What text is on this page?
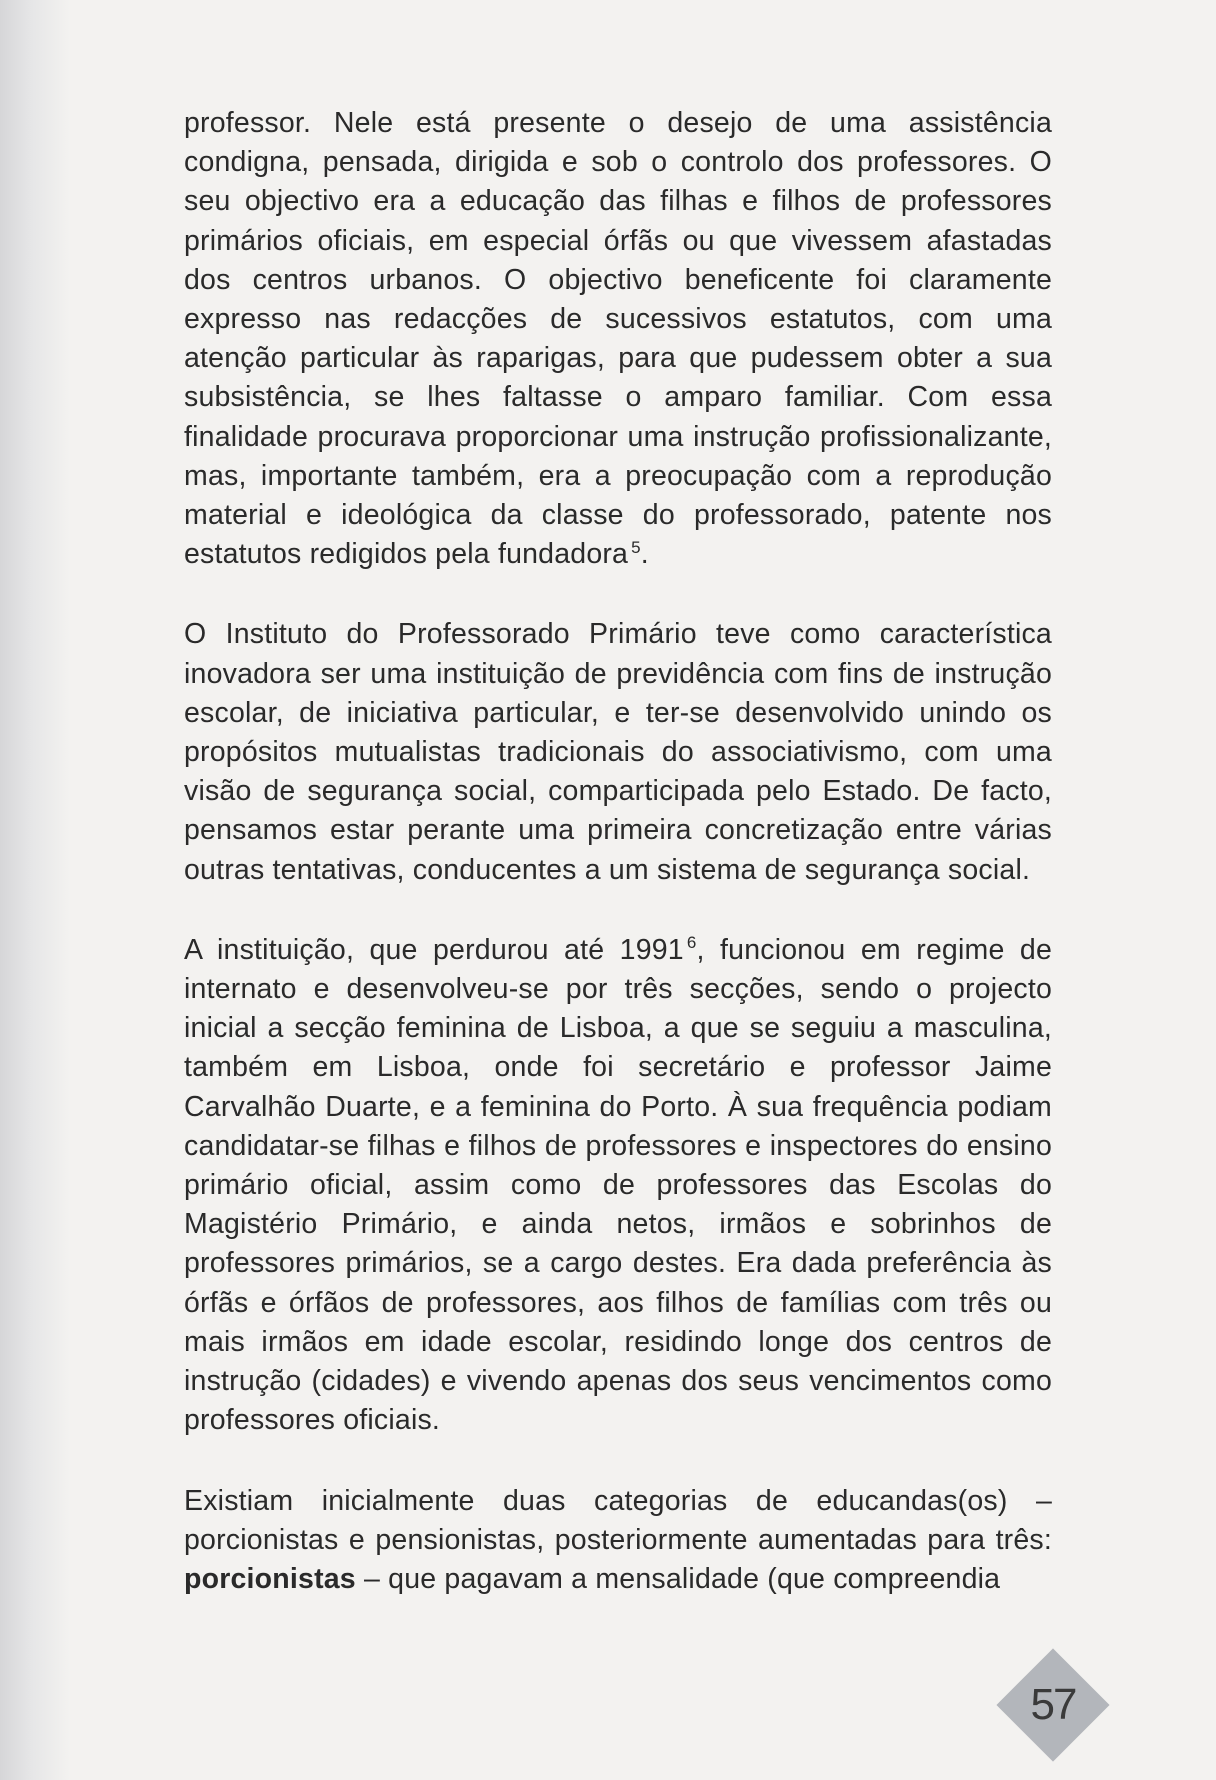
professor. Nele está presente o desejo de uma assistência condigna, pensada, dirigida e sob o controlo dos professores. O seu objectivo era a educação das filhas e filhos de professores primários oficiais, em especial órfãs ou que vivessem afastadas dos centros urbanos. O objectivo beneficente foi claramente expresso nas redacções de sucessivos estatutos, com uma atenção particular às raparigas, para que pudessem obter a sua subsistência, se lhes faltasse o amparo familiar. Com essa finalidade procurava proporcionar uma instrução profissionalizante, mas, importante também, era a preocupação com a reprodução material e ideológica da classe do professorado, patente nos estatutos redigidos pela fundadora $^5$.

O Instituto do Professorado Primário teve como característica inovadora ser uma instituição de previdência com fins de instrução escolar, de iniciativa particular, e ter-se desenvolvido unindo os propósitos mutualistas tradicionais do associativismo, com uma visão de segurança social, comparticipada pelo Estado. De facto, pensamos estar perante uma primeira concretização entre várias outras tentativas, conducentes a um sistema de segurança social.

A instituição, que perdurou até 1991 $^6$, funcionou em regime de internato e desenvolveu-se por três secções, sendo o projecto inicial a secção feminina de Lisboa, a que se seguiu a masculina, também em Lisboa, onde foi secretário e professor Jaime Carvalhão Duarte, e a feminina do Porto. À sua frequência podiam candidatar-se filhas e filhos de professores e inspectores do ensino primário oficial, assim como de professores das Escolas do Magistério Primário, e ainda netos, irmãos e sobrinhos de professores primários, se a cargo destes. Era dada preferência às órfãs e órfãos de professores, aos filhos de famílias com três ou mais irmãos em idade escolar, residindo longe dos centros de instrução (cidades) e vivendo apenas dos seus vencimentos como professores oficiais.

Existiam inicialmente duas categorias de educandas(os) – porcionistas e pensionistas, posteriormente aumentadas para três: porcionistas – que pagavam a mensalidade (que compreendia

57
